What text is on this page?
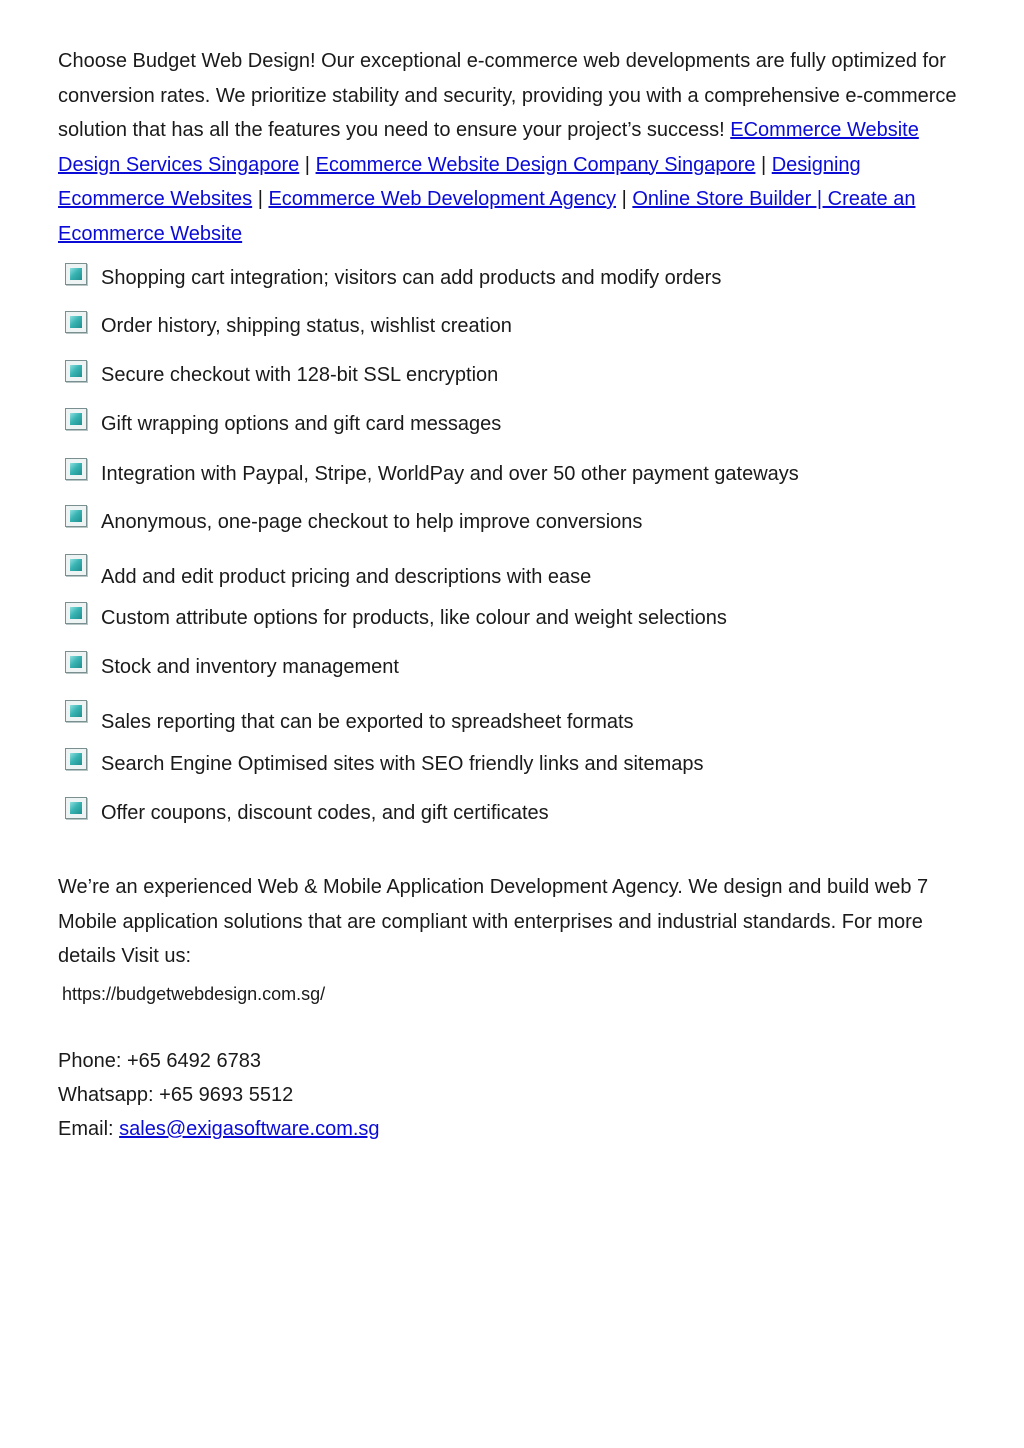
Choose Budget Web Design! Our exceptional e-commerce web developments are fully optimized for conversion rates. We prioritize stability and security, providing you with a comprehensive e-commerce solution that has all the features you need to ensure your project’s success! ECommerce Website Design Services Singapore | Ecommerce Website Design Company Singapore | Designing Ecommerce Websites | Ecommerce Web Development Agency | Online Store Builder | Create an Ecommerce Website

Shopping cart integration; visitors can add products and modify orders
Order history, shipping status, wishlist creation
Secure checkout with 128-bit SSL encryption
Gift wrapping options and gift card messages
Integration with Paypal, Stripe, WorldPay and over 50 other payment gateways
Anonymous, one-page checkout to help improve conversions
Add and edit product pricing and descriptions with ease
Custom attribute options for products, like colour and weight selections
Stock and inventory management
Sales reporting that can be exported to spreadsheet formats
Search Engine Optimised sites with SEO friendly links and sitemaps
Offer coupons, discount codes, and gift certificates

We’re an experienced Web & Mobile Application Development Agency. We design and build web 7 Mobile application solutions that are compliant with enterprises and industrial standards. For more details Visit us:

https://budgetwebdesign.com.sg/

Phone: +65 6492 6783
Whatsapp: +65 9693 5512
Email: sales@exigasoftware.com.sg
